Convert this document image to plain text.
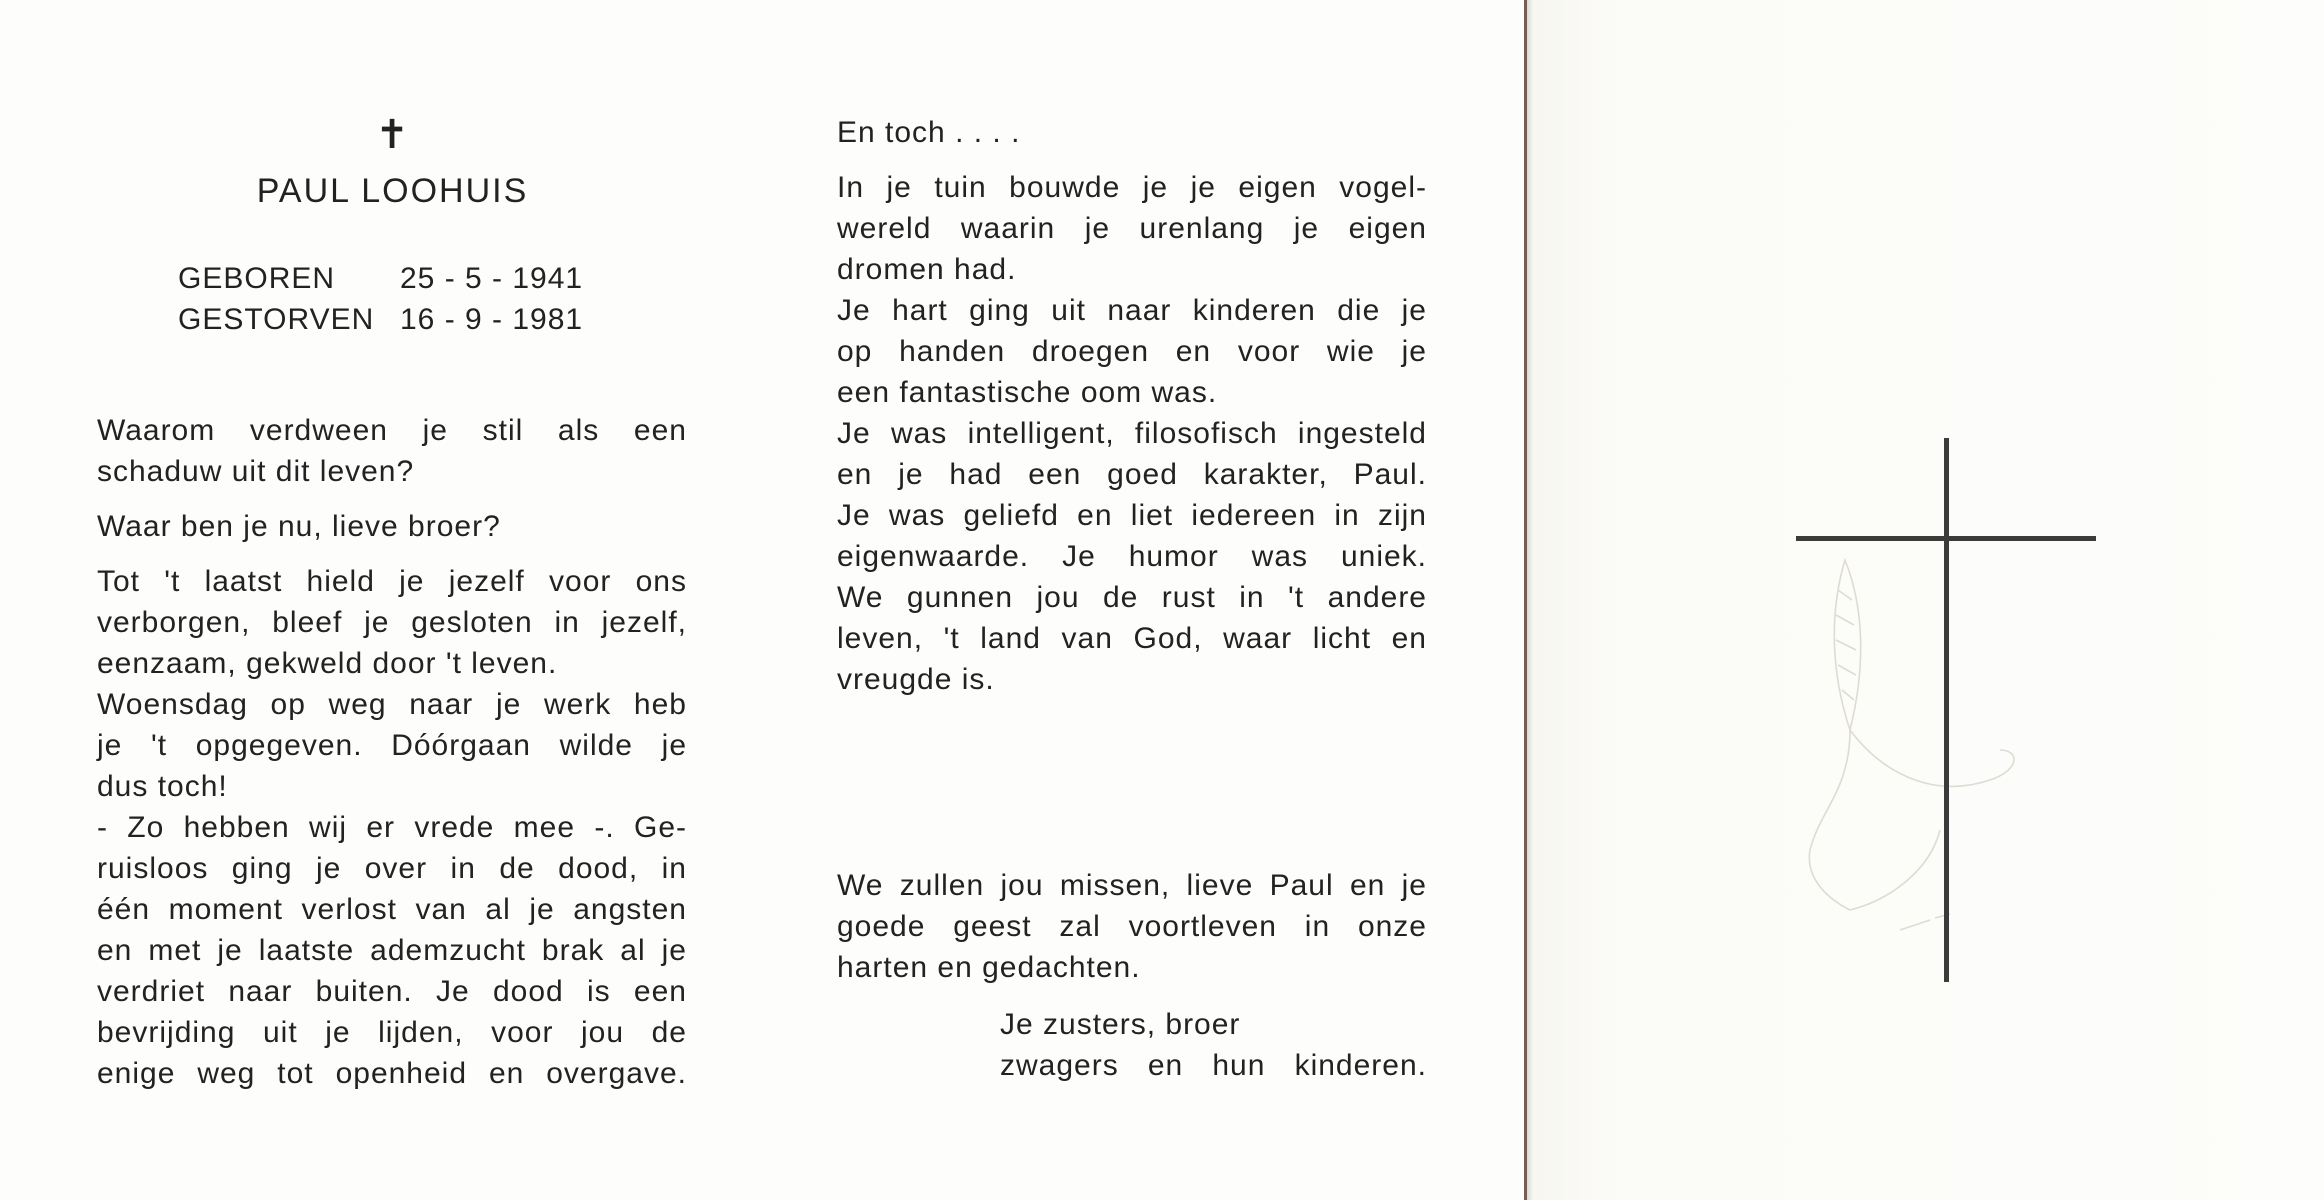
✝
PAUL LOOHUIS
GEBOREN 25 - 5 - 1941
GESTORVEN 16 - 9 - 1981
Waarom verdween je stil als een
schaduw uit dit leven?
Waar ben je nu, lieve broer?
Tot 't laatst hield je jezelf voor ons
verborgen, bleef je gesloten in jezelf,
eenzaam, gekweld door 't leven.
Woensdag op weg naar je werk heb
je 't opgegeven. Dóórgaan wilde je
dus toch!
- Zo hebben wij er vrede mee -. Ge-
ruisloos ging je over in de dood, in
één moment verlost van al je angsten
en met je laatste ademzucht brak al je
verdriet naar buiten. Je dood is een
bevrijding uit je lijden, voor jou de
enige weg tot openheid en overgave.
En toch . . . .
In je tuin bouwde je je eigen vogel-
wereld waarin je urenlang je eigen
dromen had.
Je hart ging uit naar kinderen die je
op handen droegen en voor wie je
een fantastische oom was.
Je was intelligent, filosofisch ingesteld
en je had een goed karakter, Paul.
Je was geliefd en liet iedereen in zijn
eigenwaarde. Je humor was uniek.
We gunnen jou de rust in 't andere
leven, 't land van God, waar licht en
vreugde is.
We zullen jou missen, lieve Paul en je
goede geest zal voortleven in onze
harten en gedachten.
Je zusters, broer
zwagers en hun kinderen.
